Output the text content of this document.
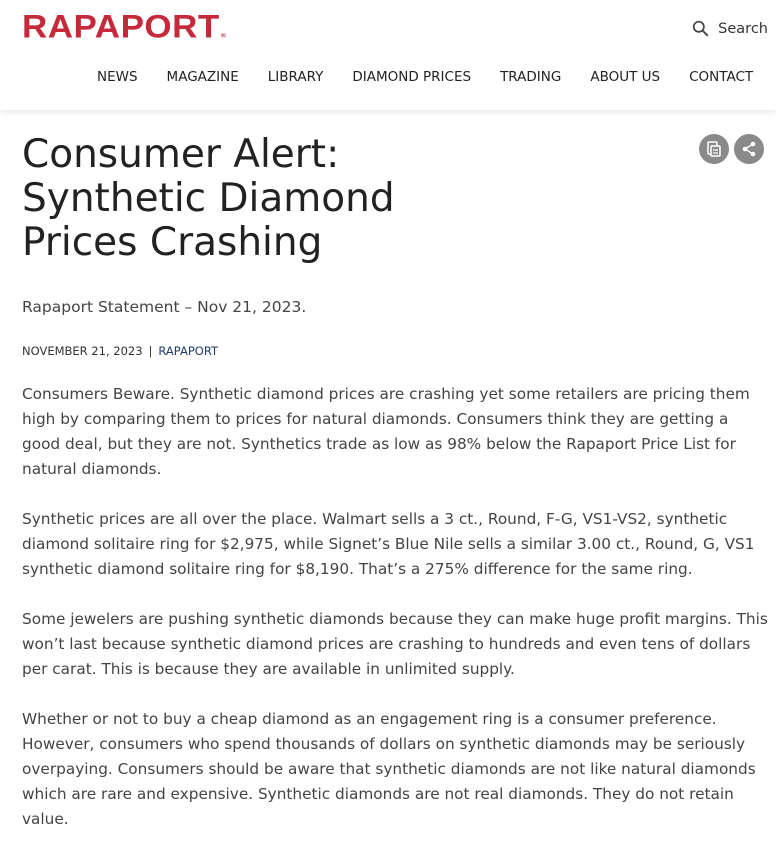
RAPAPORT®	Search
NEWS MAGAZINE LIBRARY DIAMOND PRICES TRADING ABOUT US CONTACT
Consumer Alert:
Synthetic Diamond
Prices Crashing

Rapaport Statement – Nov 21, 2023.

NOVEMBER 21, 2023 | RAPAPORT

Consumers Beware. Synthetic diamond prices are crashing yet some retailers are pricing them high by comparing them to prices for natural diamonds. Consumers think they are getting a good deal, but they are not. Synthetics trade as low as 98% below the Rapaport Price List for natural diamonds.

Synthetic prices are all over the place. Walmart sells a 3 ct., Round, F-G, VS1-VS2, synthetic diamond solitaire ring for $2,975, while Signet’s Blue Nile sells a similar 3.00 ct., Round, G, VS1 synthetic diamond solitaire ring for $8,190. That’s a 275% difference for the same ring.

Some jewelers are pushing synthetic diamonds because they can make huge profit margins. This won’t last because synthetic diamond prices are crashing to hundreds and even tens of dollars per carat. This is because they are available in unlimited supply.

Whether or not to buy a cheap diamond as an engagement ring is a consumer preference. However, consumers who spend thousands of dollars on synthetic diamonds may be seriously overpaying. Consumers should be aware that synthetic diamonds are not like natural diamonds which are rare and expensive. Synthetic diamonds are not real diamonds. They do not retain value.
